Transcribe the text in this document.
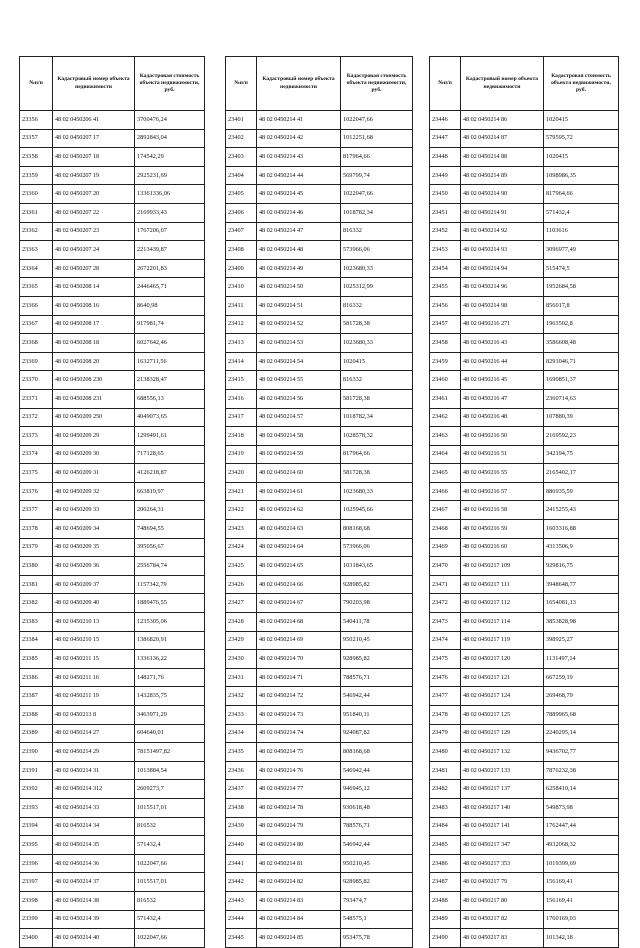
№п/п	Кадастровый номер объекта недвижимости	Кадастровая стоимость объекта недвижимости, руб.
23356	48 02 0450206 41	3700476,24
23357	48 02 0450207 17	2892843,04
23358	48 02 0450207 18	174542,29
23359	48 02 0450207 19	2925231,69
23360	48 02 0450207 20	13361336,06
23361	48 02 0450207 22	2169933,43
23362	48 02 0450207 23	1767206,07
23363	48 02 0450207 24	2213439,87
23364	48 02 0450207 28	2672201,83
23365	48 02 0450208 14	2446465,71
23366	48 02 0450208 16	8640,98
23367	48 02 0450208 17	917981,74
23368	48 02 0450208 18	6027642,46
23369	48 02 0450208 20	1632711,56
23370	48 02 0450208 230	2138328,47
23371	48 02 0450208 231	688556,13
23372	48 02 0450209 250	4049073,65
23373	48 02 0450209 29	1299491,61
23374	48 02 0450209 30	717128,65
23375	48 02 0450209 31	4126218,87
23376	48 02 0450209 32	663819,97
23377	48 02 0450209 33	200264,31
23378	48 02 0450209 34	748694,55
23379	48 02 0450209 35	395056,67
23380	48 02 0450209 36	2556784,74
23381	48 02 0450209 37	1157342,79
23382	48 02 0450209 40	1889476,55
23383	48 02 0450210 13	1235305,06
23384	48 02 0450210 15	1386820,91
23385	48 02 0450211 15	1336136,22
23386	48 02 0450211 16	148271,76
23387	48 02 0450211 19	1432835,75
23388	48 02 0450213 8	3463971,29
23389	48 02 0450214 27	604640,01
23390	48 02 0450214 29	78151497,82
23391	48 02 0450214 31	1013884,54
23392	48 02 0450214 312	2609273,7
23393	48 02 0450214 33	1015517,01
23394	48 02 0450214 34	816532
23395	48 02 0450214 35	571432,4
23396	48 02 0450214 36	1022047,66
23397	48 02 0450214 37	1015517,01
23398	48 02 0450214 38	816532
23399	48 02 0450214 39	571432,4
23400	48 02 0450214 40	1022047,66
№п/п	Кадастровый номер объекта недвижимости	Кадастровая стоимость объекта недвижимости, руб.
23401	48 02 0450214 41	1022047,66
23402	48 02 0450214 42	1012251,68
23403	48 02 0450214 43	817964,66
23404	48 02 0450214 44	569799,74
23405	48 02 0450214 45	1022047,66
23406	48 02 0450214 46	1018782,34
23407	48 02 0450214 47	816332
23408	48 02 0450214 48	573966,06
23409	48 02 0450214 49	1023680,33
23410	48 02 0450214 50	1025312,99
23411	48 02 0450214 51	816332
23412	48 02 0450214 52	581728,38
23413	48 02 0450214 53	1023680,33
23414	48 02 0450214 54	1020415
23415	48 02 0450214 55	816332
23416	48 02 0450214 56	581728,38
23417	48 02 0450214 57	1018782,34
23418	48 02 0450214 58	1028578,32
23419	48 02 0450214 59	817964,66
23420	48 02 0450214 60	581728,38
23421	48 02 0450214 61	1023680,33
23422	48 02 0450214 62	1025945,66
23423	48 02 0450214 63	808168,68
23424	48 02 0450214 64	573966,06
23425	48 02 0450214 65	1031843,65
23426	48 02 0450214 66	928985,82
23427	48 02 0450214 67	790203,98
23428	48 02 0450214 68	540411,78
23429	48 02 0450214 69	950210,45
23430	48 02 0450214 70	928985,82
23431	48 02 0450214 71	788576,71
23432	48 02 0450214 72	546942,44
23433	48 02 0450214 73	951840,11
23434	48 02 0450214 74	924087,82
23435	48 02 0450214 75	808168,68
23436	48 02 0450214 76	546942,44
23437	48 02 0450214 77	946945,12
23438	48 02 0450214 78	930618,48
23439	48 02 0450214 79	788576,71
23440	48 02 0450214 80	546942,44
23441	48 02 0450214 81	950210,45
23442	48 02 0450214 82	928985,82
23443	48 02 0450214 83	793474,7
23444	48 02 0450214 84	548575,1
23445	48 02 0450214 85	953475,78
№п/п	Кадастровый номер объекта недвижимости	Кадастровая стоимость объекта недвижимости, руб.
23446	48 02 0450214 86	1020415
23447	48 02 0450214 87	579595,72
23448	48 02 0450214 88	1020415
23449	48 02 0450214 89	1098986,35
23450	48 02 0450214 90	817964,66
23451	48 02 0450214 91	571432,4
23452	48 02 0450214 92	1103616
23453	48 02 0450214 93	3096977,49
23454	48 02 0450214 94	515474,5
23455	48 02 0450214 96	1952684,58
23456	48 02 0450214 98	856017,8
23457	48 02 0450216 271	1963502,8
23458	48 02 0450216 43	3586608,48
23459	48 02 0450216 44	8291046,71
23460	48 02 0450216 45	1690851,37
23461	48 02 0450216 47	2360714,63
23462	48 02 0450216 48	107880,39
23463	48 02 0450216 50	2169592,23
23464	48 02 0450216 51	342194,75
23465	48 02 0450216 55	2165402,17
23466	48 02 0450216 57	886935,59
23467	48 02 0450216 58	2415255,43
23468	48 02 0450216 59	1603316,88
23469	48 02 0450216 60	4313506,9
23470	48 02 0450217 109	929816,75
23471	48 02 0450217 111	3948648,77
23472	48 02 0450217 112	1654081,13
23473	48 02 0450217 114	3853828,98
23474	48 02 0450217 119	398925,27
23475	48 02 0450217 120	1131497,14
23476	48 02 0450217 121	667259,19
23477	48 02 0450217 124	269468,79
23478	48 02 0450217 125	7889965,68
23479	48 02 0450217 129	2240295,14
23480	48 02 0450217 132	9436702,77
23481	48 02 0450217 133	7876232,38
23482	48 02 0450217 137	6258410,14
23483	48 02 0450217 140	549873,98
23484	48 02 0450217 141	1762447,44
23485	48 02 0450217 347	4932068,32
23486	48 02 0450217 353	1019399,69
23487	48 02 0450217 79	156169,41
23488	48 02 0450217 80	156169,41
23489	48 02 0450217 82	1760169,03
23490	48 02 0450217 83	101342,18
